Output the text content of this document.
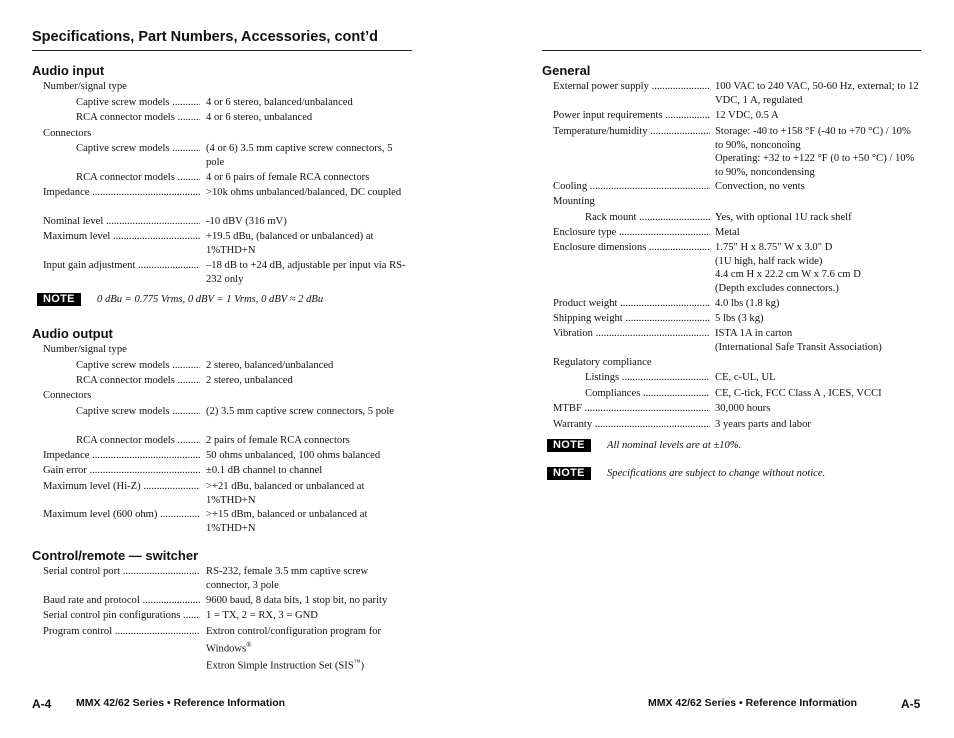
Specifications, Part Numbers, Accessories, cont’d
Audio input
Number/signal type
Captive screw models .....	4 or 6 stereo, balanced/unbalanced
RCA connector models .....	4 or 6 stereo, unbalanced
Connectors
Captive screw models .....	(4 or 6) 3.5 mm captive screw connectors, 5 pole
RCA connector models .....	4 or 6 pairs of female RCA connectors
Impedance .....	>10k ohms unbalanced/balanced, DC coupled
Nominal level .....	-10 dBV (316 mV)
Maximum level .....	+19.5 dBu, (balanced or unbalanced) at 1%THD+N
Input gain adjustment .....	–18 dB to +24 dB, adjustable per input via RS-232 only
NOTE	0 dBu = 0.775 Vrms, 0 dBV = 1 Vrms, 0 dBV ≈ 2 dBu
Audio output
Number/signal type
Captive screw models .....	2 stereo, balanced/unbalanced
RCA connector models .....	2 stereo, unbalanced
Connectors
Captive screw models .....	(2) 3.5 mm captive screw connectors, 5 pole
RCA connector models .....	2 pairs of female RCA connectors
Impedance .....	50 ohms unbalanced, 100 ohms balanced
Gain error .....	±0.1 dB channel to channel
Maximum level (Hi-Z) .....	>+21 dBu, balanced or unbalanced at 1%THD+N
Maximum level (600 ohm) .....	>+15 dBm, balanced or unbalanced at 1%THD+N
Control/remote — switcher
Serial control port .....	RS-232, female 3.5 mm captive screw connector, 3 pole
Baud rate and protocol .....	9600 baud, 8 data bits, 1 stop bit, no parity
Serial control pin configurations .....	1 = TX, 2 = RX, 3 = GND
Program control .....	Extron control/configuration program for Windows®
Extron Simple Instruction Set (SIS™)
A-4 MMX 42/62 Series • Reference Information
General
External power supply .....	100 VAC to 240 VAC, 50-60 Hz, external; to 12 VDC, 1 A, regulated
Power input requirements .....	12 VDC, 0.5 A
Temperature/humidity .....	Storage: -40 to +158 °F (-40 to +70 °C) / 10% to 90%, nonconoing
Operating: +32 to +122 °F (0 to +50 °C) / 10% to 90%, noncondensing
Cooling .....	Convection, no vents
Mounting
Rack mount .....	Yes, with optional 1U rack shelf
Enclosure type .....	Metal
Enclosure dimensions .....	1.75" H x 8.75" W x 3.0" D
(1U high, half rack wide)
4.4 cm H x 22.2 cm W x 7.6 cm D
(Depth excludes connectors.)
Product weight .....	4.0 lbs (1.8 kg)
Shipping weight .....	5 lbs (3 kg)
Vibration .....	ISTA 1A in carton
(International Safe Transit Association)
Regulatory compliance
Listings .....	CE, c-UL, UL
Compliances .....	CE, C-tick, FCC Class A , ICES, VCCI
MTBF .....	30,000 hours
Warranty .....	3 years parts and labor
NOTE	All nominal levels are at ±10%.
NOTE	Specifications are subject to change without notice.
MMX 42/62 Series • Reference Information	A-5
